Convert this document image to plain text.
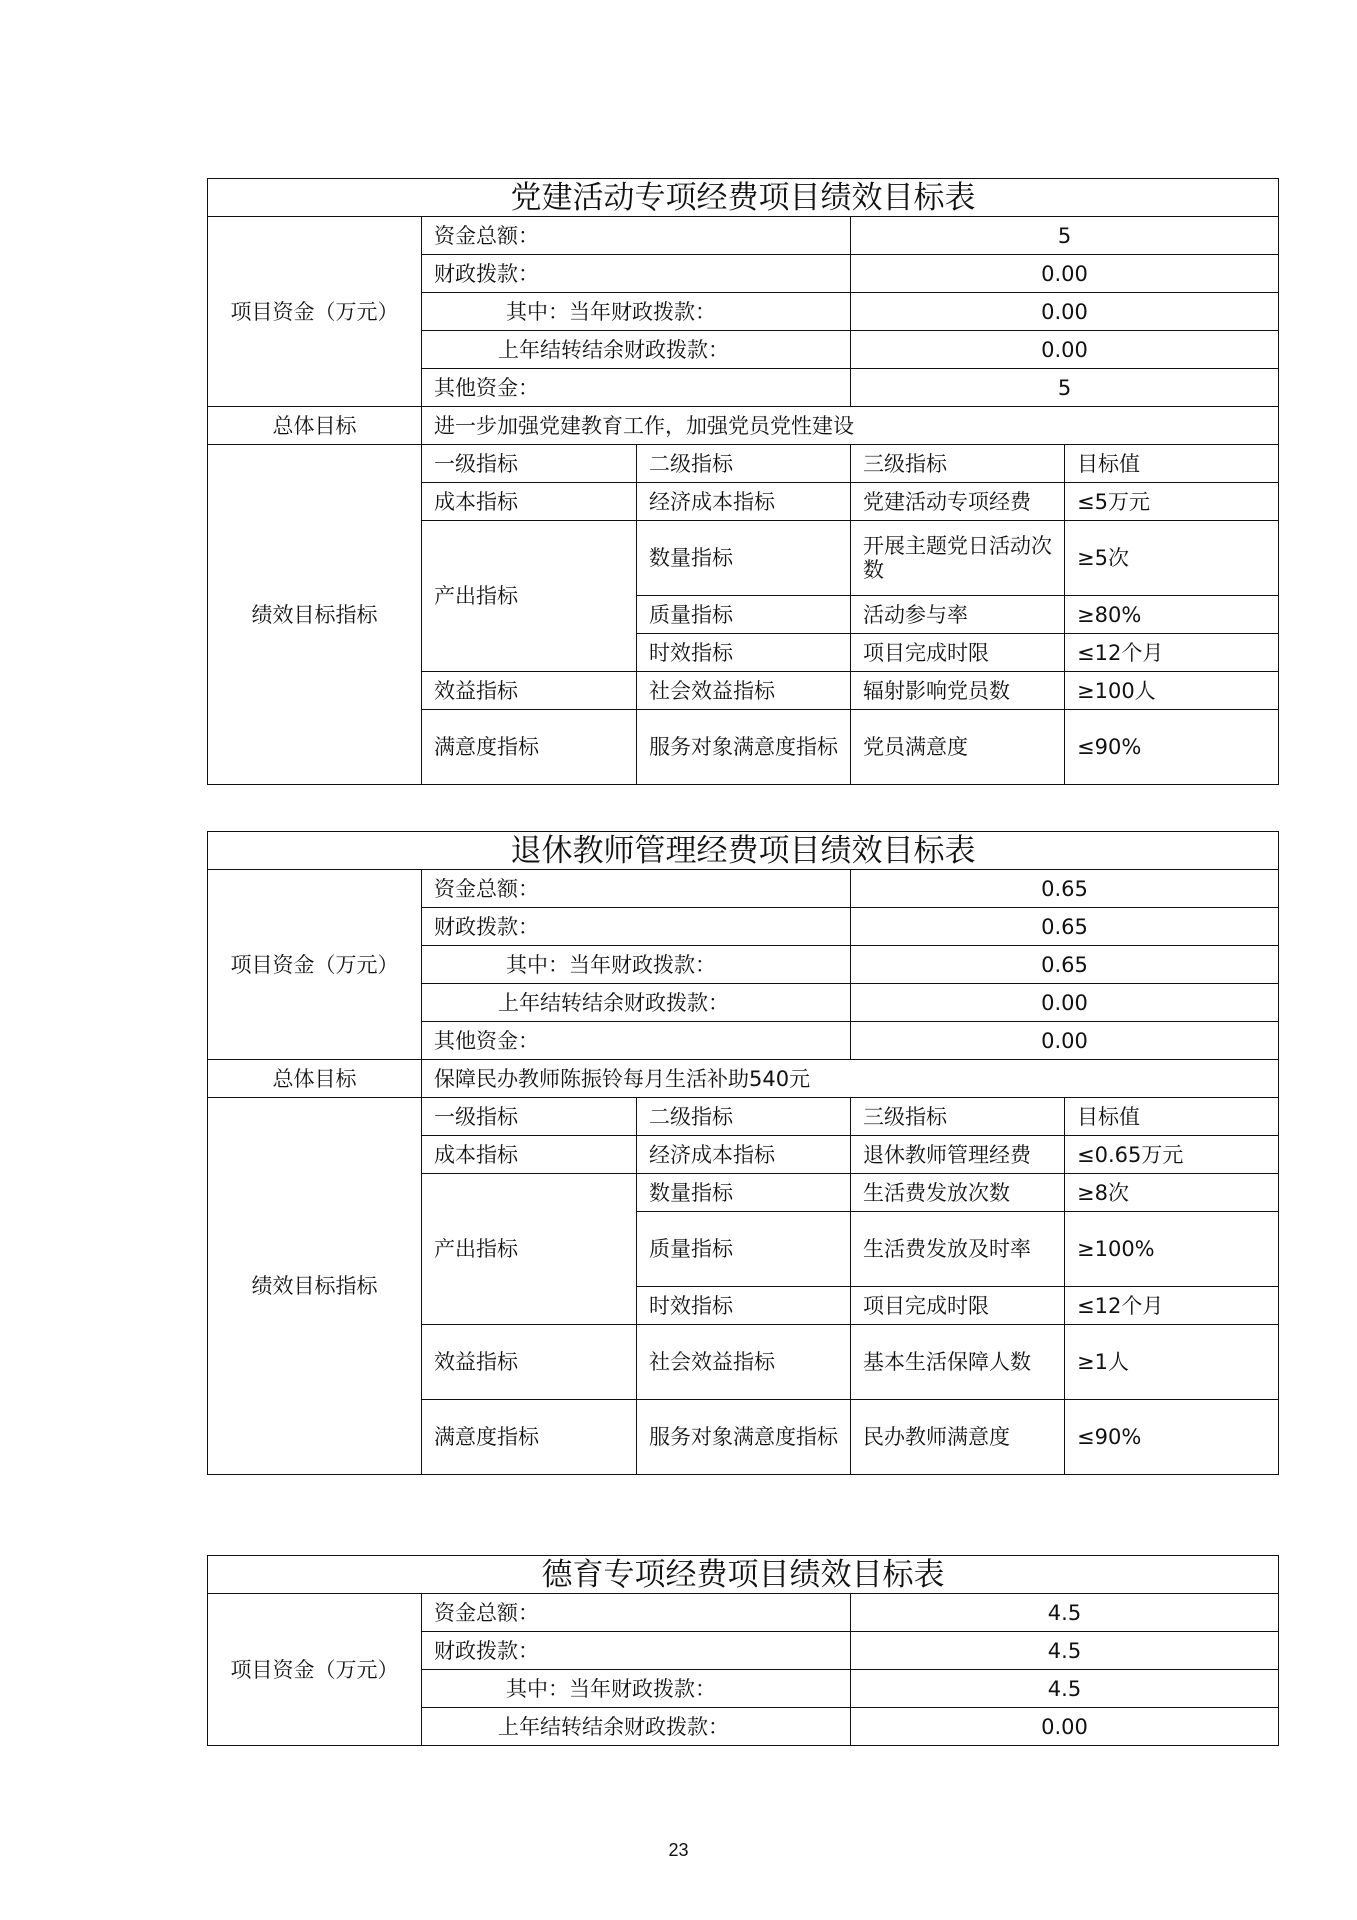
党建活动专项经费项目绩效目标表				
项目资金（万元）	资金总额：		5	
	财政拨款：		0.00	
	其中：当年财政拨款：		0.00	
	上年结转结余财政拨款：		0.00	
	其他资金：		5	
总体目标	进一步加强党建教育工作，加强党员党性建设			
绩效目标指标	一级指标	二级指标	三级指标	目标值
	成本指标	经济成本指标	党建活动专项经费	≤5万元
	产出指标	数量指标	开展主题党日活动次数	≥5次
		质量指标	活动参与率	≥80%
		时效指标	项目完成时限	≤12个月
	效益指标	社会效益指标	辐射影响党员数	≥100人
	满意度指标	服务对象满意度指标	党员满意度	≤90%
退休教师管理经费项目绩效目标表				
项目资金（万元）	资金总额：		0.65	
	财政拨款：		0.65	
	其中：当年财政拨款：		0.65	
	上年结转结余财政拨款：		0.00	
	其他资金：		0.00	
总体目标	保障民办教师陈振铃每月生活补助540元			
绩效目标指标	一级指标	二级指标	三级指标	目标值
	成本指标	经济成本指标	退休教师管理经费	≤0.65万元
	产出指标	数量指标	生活费发放次数	≥8次
		质量指标	生活费发放及时率	≥100%
		时效指标	项目完成时限	≤12个月
	效益指标	社会效益指标	基本生活保障人数	≥1人
	满意度指标	服务对象满意度指标	民办教师满意度	≤90%
德育专项经费项目绩效目标表		
项目资金（万元）	资金总额：	4.5
	财政拨款：	4.5
	其中：当年财政拨款：	4.5
	上年结转结余财政拨款：	0.00
23
